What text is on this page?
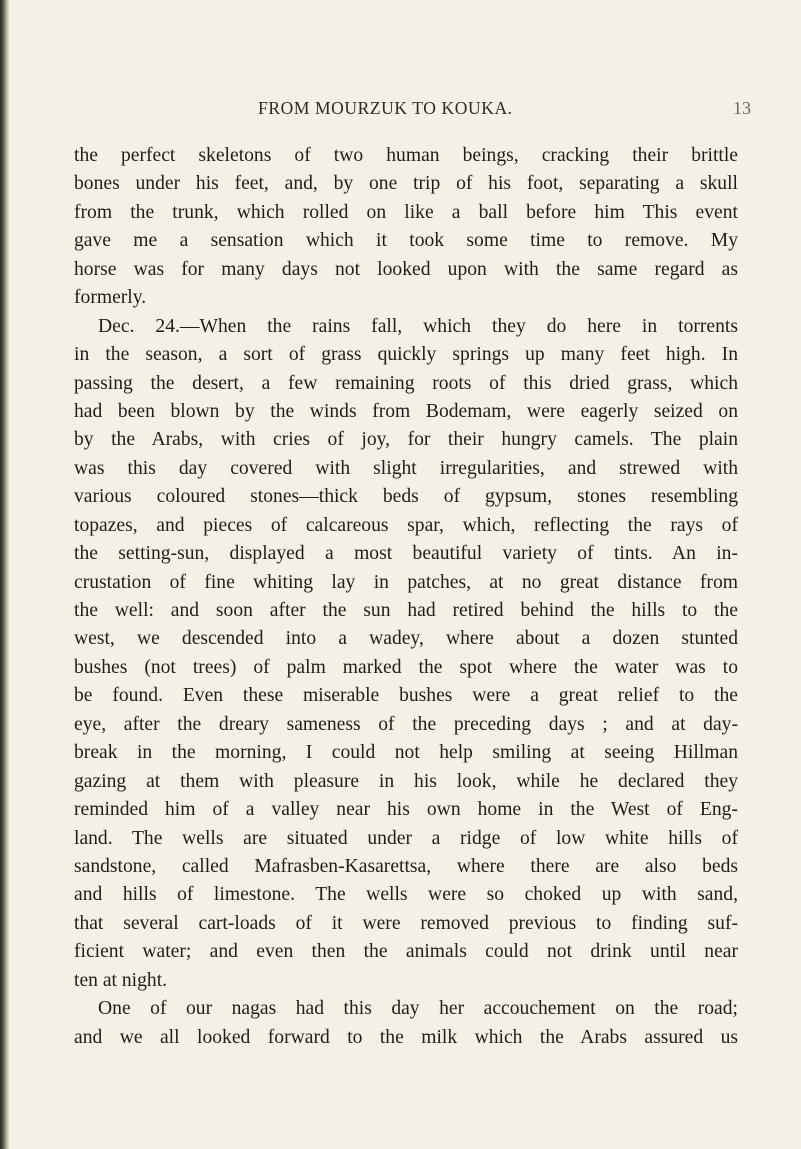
FROM MOURZUK TO KOUKA.	13
the perfect skeletons of two human beings, cracking their brittle
bones under his feet, and, by one trip of his foot, separating a skull
from the trunk, which rolled on like a ball before him This event
gave me a sensation which it took some time to remove. My
horse was for many days not looked upon with the same regard as
formerly.
Dec. 24.—When the rains fall, which they do here in torrents
in the season, a sort of grass quickly springs up many feet high. In
passing the desert, a few remaining roots of this dried grass, which
had been blown by the winds from Bodemam, were eagerly seized on
by the Arabs, with cries of joy, for their hungry camels. The plain
was this day covered with slight irregularities, and strewed with
various coloured stones—thick beds of gypsum, stones resembling
topazes, and pieces of calcareous spar, which, reflecting the rays of
the setting-sun, displayed a most beautiful variety of tints. An in-
crustation of fine whiting lay in patches, at no great distance from
the well: and soon after the sun had retired behind the hills to the
west, we descended into a wadey, where about a dozen stunted
bushes (not trees) of palm marked the spot where the water was to
be found. Even these miserable bushes were a great relief to the
eye, after the dreary sameness of the preceding days ; and at day-
break in the morning, I could not help smiling at seeing Hillman
gazing at them with pleasure in his look, while he declared they
reminded him of a valley near his own home in the West of Eng-
land. The wells are situated under a ridge of low white hills of
sandstone, called Mafrasben-Kasarettsa, where there are also beds
and hills of limestone. The wells were so choked up with sand,
that several cart-loads of it were removed previous to finding suf-
ficient water; and even then the animals could not drink until near
ten at night.
One of our nagas had this day her accouchement on the road;
and we all looked forward to the milk which the Arabs assured us
